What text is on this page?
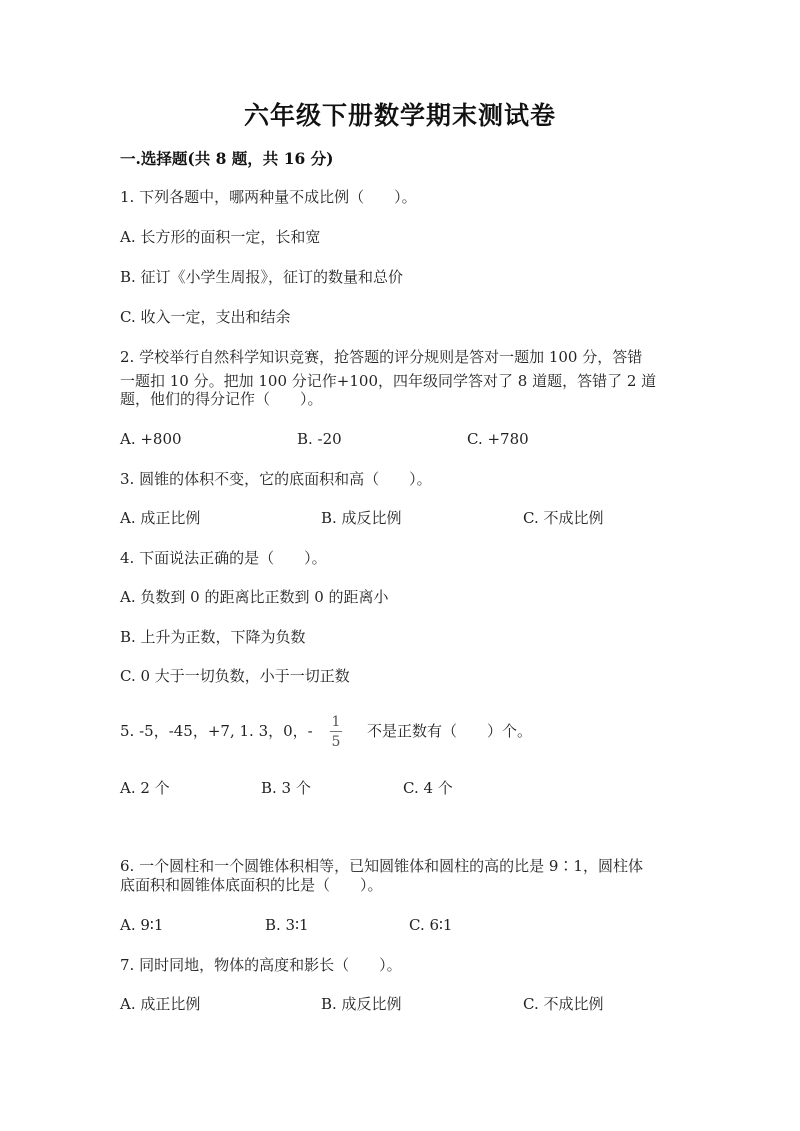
六年级下册数学期末测试卷
一.选择题(共 8 题，共 16 分)
1. 下列各题中，哪两种量不成比例（　　）。
A. 长方形的面积一定，长和宽
B. 征订《小学生周报》，征订的数量和总价
C. 收入一定，支出和结余
2. 学校举行自然科学知识竞赛，抢答题的评分规则是答对一题加 100 分，答错
一题扣 10 分。把加 100 分记作+100，四年级同学答对了 8 道题，答错了 2 道
题，他们的得分记作（　　）。
A. +800	B. -20	C. +780
3. 圆锥的体积不变，它的底面积和高（　　）。
A. 成正比例	B. 成反比例	C. 不成比例
4. 下面说法正确的是（　　）。
A. 负数到 0 的距离比正数到 0 的距离小
B. 上升为正数，下降为负数
C. 0 大于一切负数，小于一切正数
5. -5，-45，+7, 1. 3，0，- 1
5
不是正数有（　　）个。
A. 2 个	B. 3 个	C. 4 个
6. 一个圆柱和一个圆锥体积相等，已知圆锥体和圆柱的高的比是 9∶1，圆柱体
底面积和圆锥体底面积的比是（　　）。
A. 9∶1	B. 3∶1	C. 6∶1
7. 同时同地，物体的高度和影长（　　）。
A. 成正比例	B. 成反比例	C. 不成比例
